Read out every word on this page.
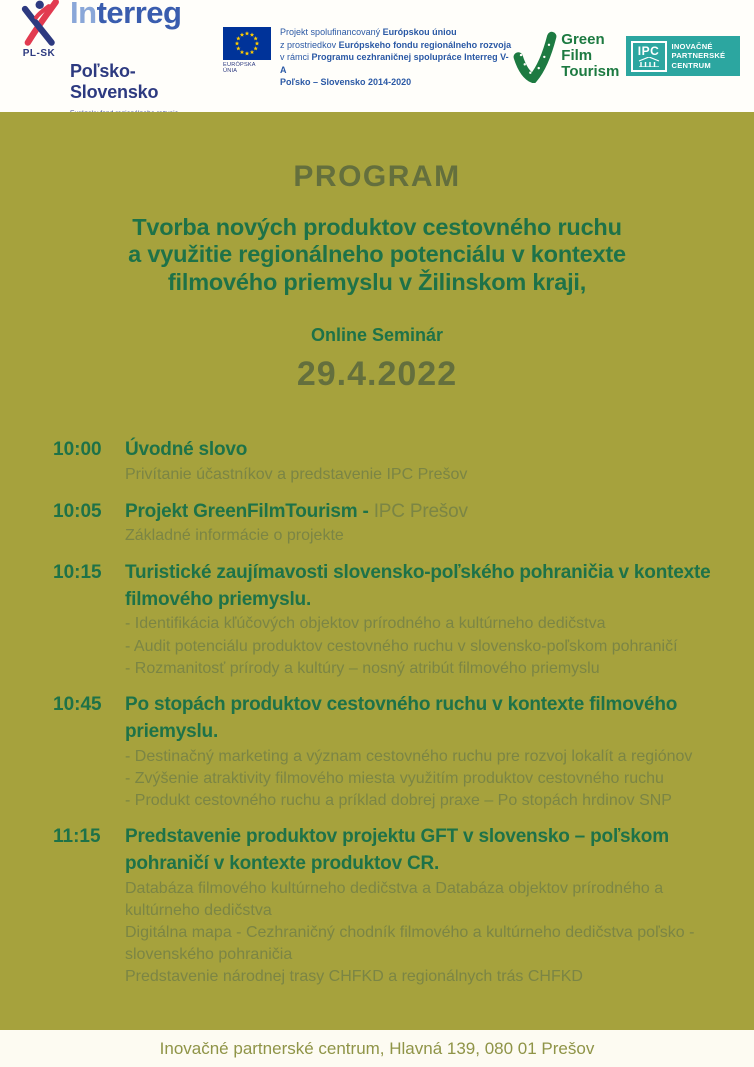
PL-SK
Interreg
Poľsko-Slovensko
EURÓPSKA ÚNIA
Projekt spolufinancovaný Európskou úniou
z prostriedkov Európskeho fondu regionálneho rozvoja
v rámci Programu cezhraničnej spolupráce Interreg V-A
Poľsko – Slovensko 2014-2020
Green
Film
Tourism
IPC INOVAČNÉ
PARTNERSKÉ
CENTRUM
PROGRAM
Tvorba nových produktov cestovného ruchu
a využitie regionálneho potenciálu v kontexte
filmového priemyslu v Žilinskom kraji,
Online Seminár
29.4.2022
10:00	Úvodné slovo
Privítanie účastníkov a predstavenie IPC Prešov
10:05	Projekt GreenFilmTourism - IPC Prešov
Základné informácie o projekte
10:15	Turistické zaujímavosti slovensko-poľského pohraničia v kontexte filmového priemyslu.
- Identifikácia kľúčových objektov prírodného a kultúrneho dedičstva
- Audit potenciálu produktov cestovného ruchu v slovensko-poľskom pohraničí
- Rozmanitosť prírody a kultúry – nosný atribút filmového priemyslu
10:45	Po stopách produktov cestovného ruchu v kontexte filmového priemyslu.
- Destinačný marketing a význam cestovného ruchu pre rozvoj lokalít a regiónov
- Zvýšenie atraktivity filmového miesta využitím produktov cestovného ruchu
- Produkt cestovného ruchu a príklad dobrej praxe – Po stopách hrdinov SNP
11:15	Predstavenie produktov projektu GFT v slovensko – poľskom pohraničí v kontexte produktov CR.
Databáza filmového kultúrneho dedičstva a Databáza objektov prírodného a kultúrneho dedičstva
Digitálna mapa - Cezhraničný chodník filmového a kultúrneho dedičstva poľsko - slovenského pohraničia
Predstavenie národnej trasy CHFKD a regionálnych trás CHFKD
Inovačné partnerské centrum, Hlavná 139, 080 01 Prešov
